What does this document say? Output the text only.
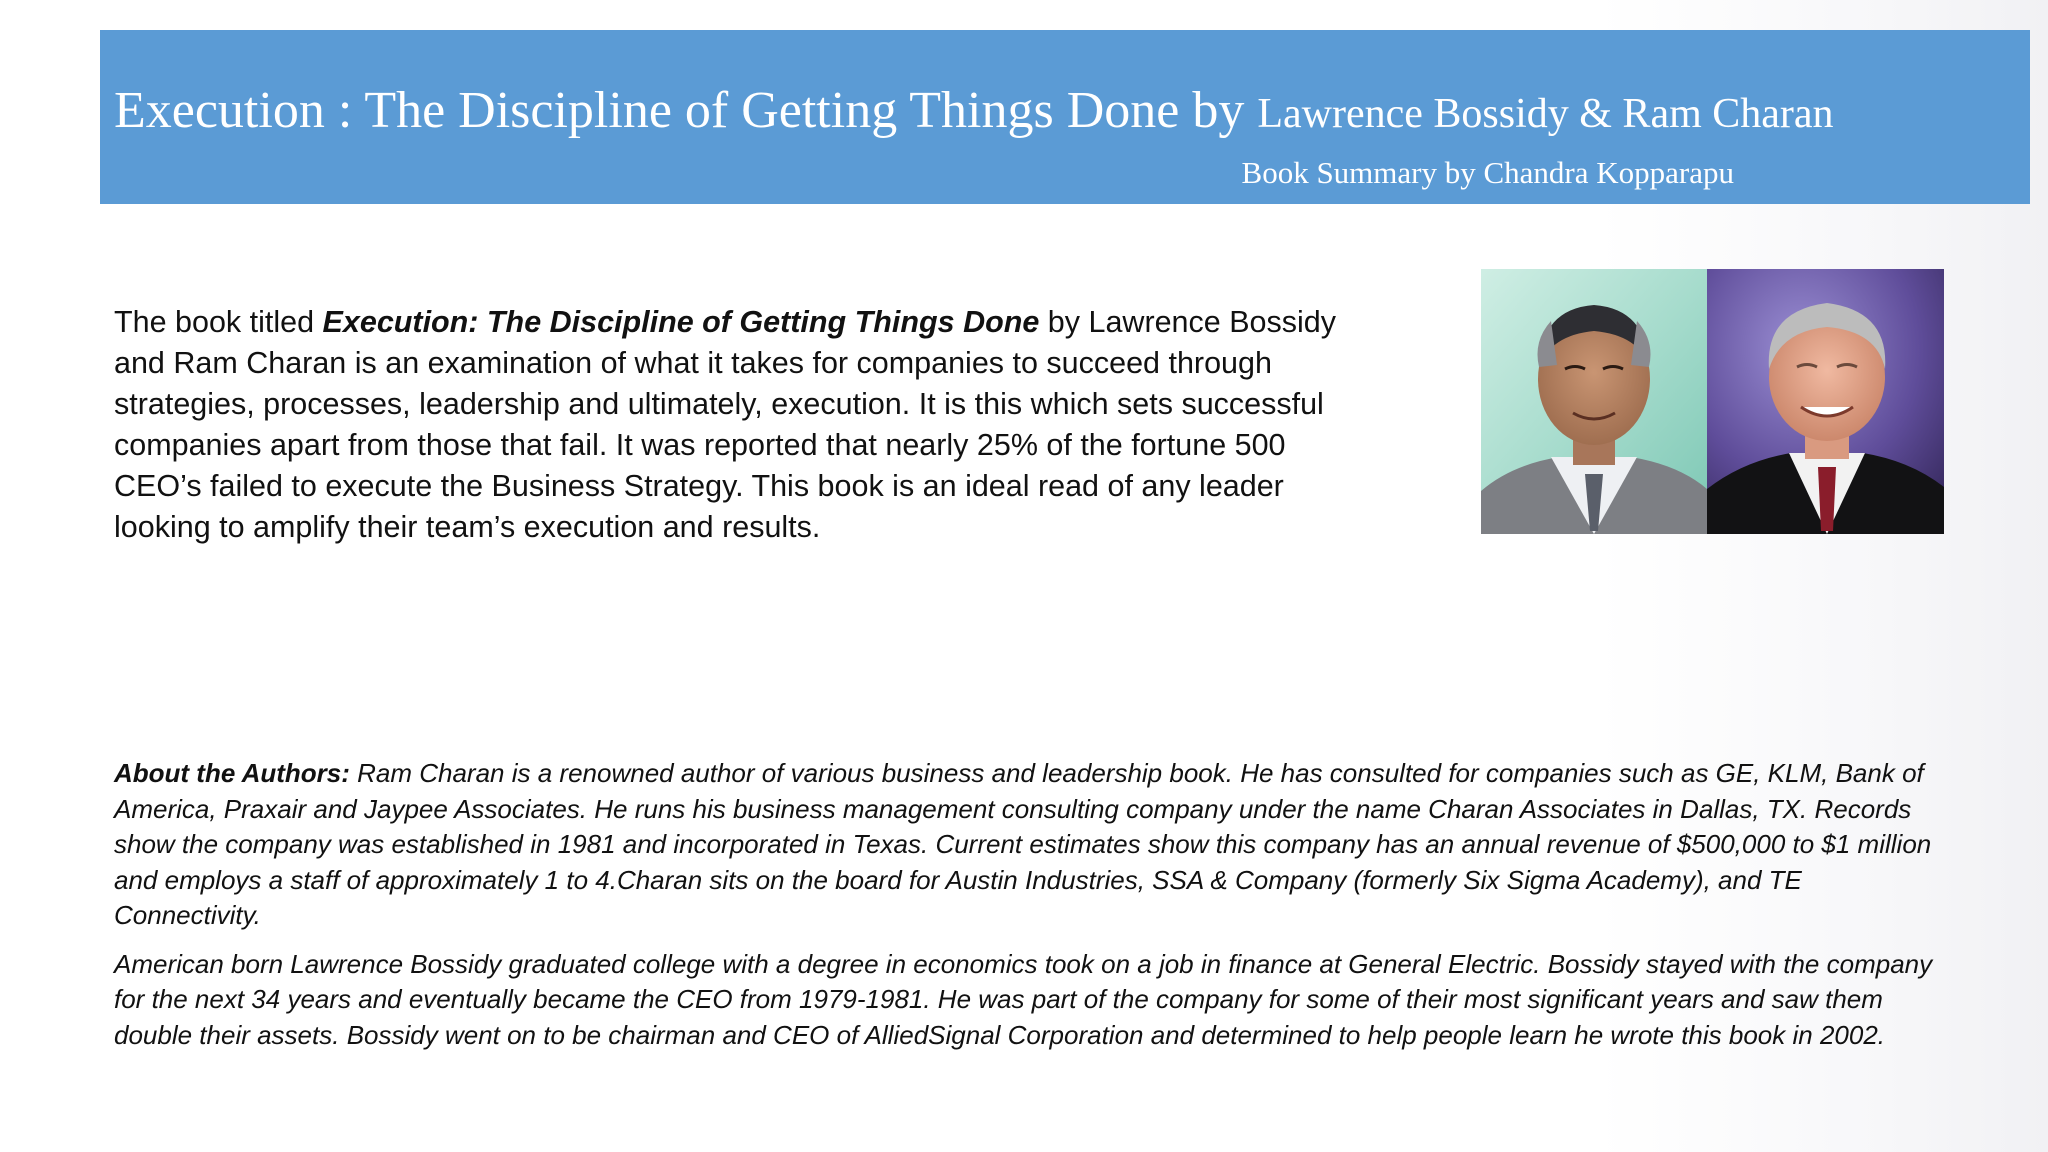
Execution : The Discipline of Getting Things Done by Lawrence Bossidy & Ram Charan
Book Summary by Chandra Kopparapu
The book titled Execution: The Discipline of Getting Things Done by Lawrence Bossidy and Ram Charan is an examination of what it takes for companies to succeed through strategies, processes, leadership and ultimately, execution. It is this which sets successful companies apart from those that fail. It was reported that nearly 25% of the fortune 500 CEO’s failed to execute the Business Strategy. This book is an ideal read of any leader looking to amplify their team’s execution and results.

About the Authors: Ram Charan is a renowned author of various business and leadership book. He has consulted for companies such as GE, KLM, Bank of America, Praxair and Jaypee Associates. He runs his business management consulting company under the name Charan Associates in Dallas, TX. Records show the company was established in 1981 and incorporated in Texas. Current estimates show this company has an annual revenue of $500,000 to $1 million and employs a staff of approximately 1 to 4.Charan sits on the board for Austin Industries, SSA & Company (formerly Six Sigma Academy), and TE Connectivity.

American born Lawrence Bossidy graduated college with a degree in economics took on a job in finance at General Electric. Bossidy stayed with the company for the next 34 years and eventually became the CEO from 1979-1981. He was part of the company for some of their most significant years and saw them double their assets. Bossidy went on to be chairman and CEO of AlliedSignal Corporation and determined to help people learn he wrote this book in 2002.
